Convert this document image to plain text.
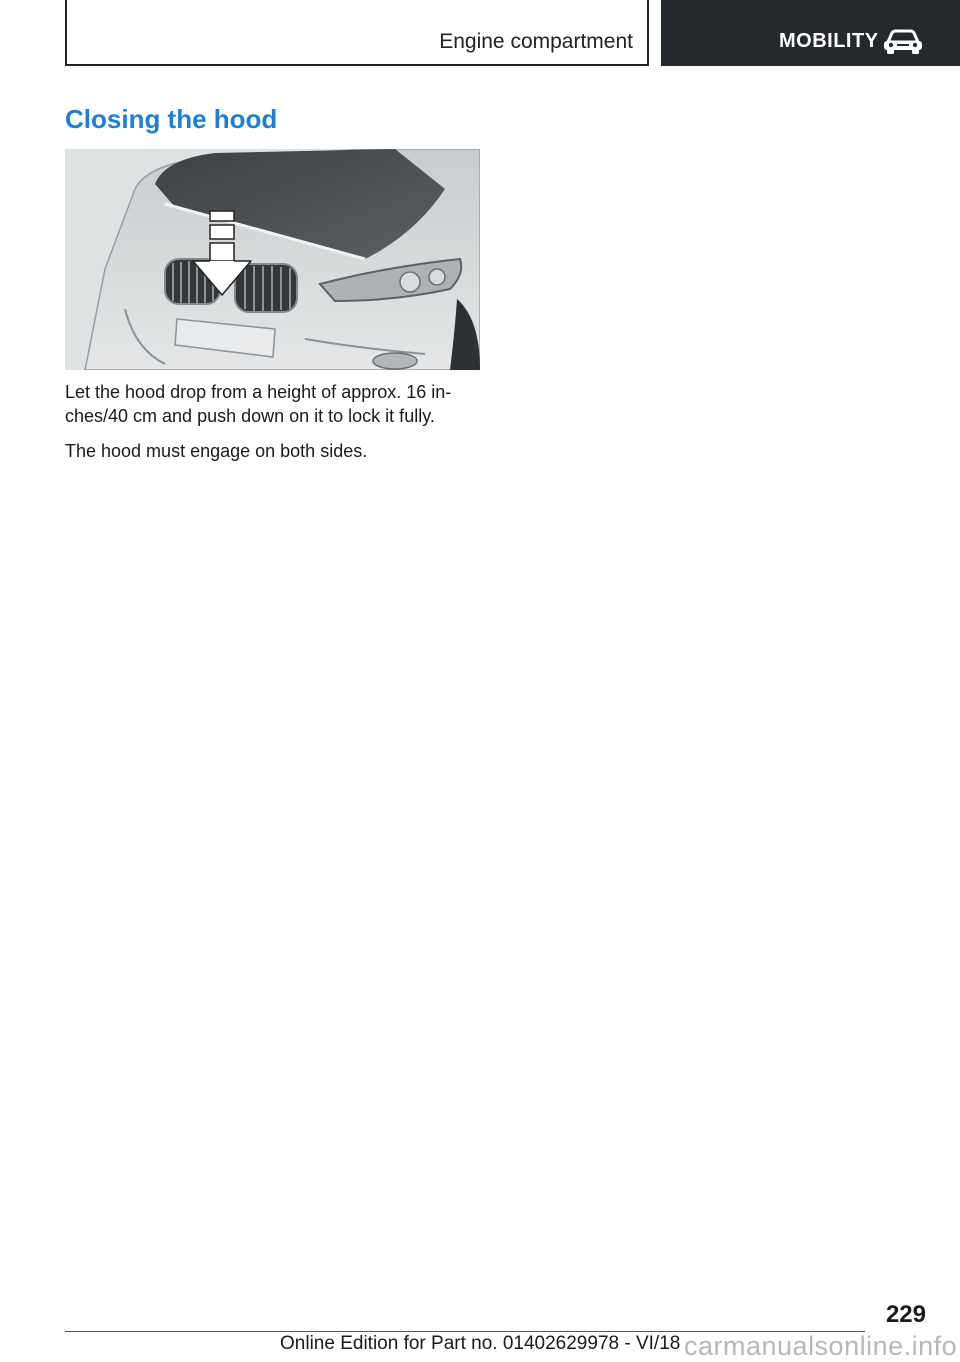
Engine compartment	MOBILITY
Closing the hood

Let the hood drop from a height of approx. 16 in‐ches/40 cm and push down on it to lock it fully.

The hood must engage on both sides.

229
Online Edition for Part no. 01402629978 - VI/18 carmanualsonline.info
